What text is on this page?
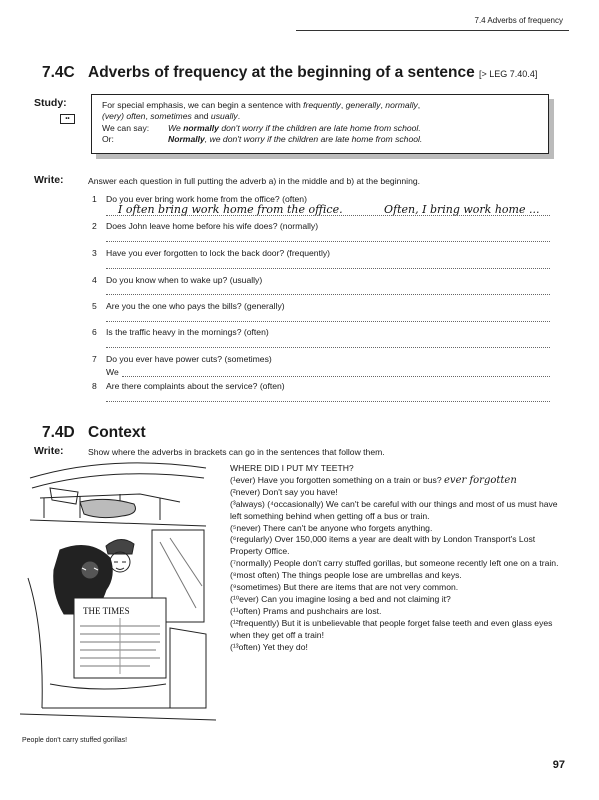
7.4 Adverbs of frequency
7.4C Adverbs of frequency at the beginning of a sentence [> LEG 7.40.4]
Study:
••
For special emphasis, we can begin a sentence with frequently, generally, normally,
(very) often, sometimes and usually.
We can say: We normally don't worry if the children are late home from school.
Or:	Normally, we don't worry if the children are late home from school.
Write:	Answer each question in full putting the adverb a) in the middle and b) at the beginning.
1 Do you ever bring work home from the office? (often)
I often bring work home from the office.	Often, I bring work home ...
2 Does John leave home before his wife does? (normally)
3 Have you ever forgotten to lock the back door? (frequently)
4 Do you know when to wake up? (usually)
5 Are you the one who pays the bills? (generally)
6 Is the traffic heavy in the mornings? (often)
7 Do you ever have power cuts? (sometimes)
We
8 Are there complaints about the service? (often)
7.4D Context
Write:	Show where the adverbs in brackets can go in the sentences that follow them.
THE TIMES
People don't carry stuffed gorillas!
WHERE DID I PUT MY TEETH?
(¹ever) Have you forgotten something on a train or bus? ever forgotten
(²never) Don't say you have!
(³always) (⁴occasionally) We can't be careful with our things and most of us must have left something behind when getting off a bus or train.
(⁵never) There can't be anyone who forgets anything.
(⁶regularly) Over 150,000 items a year are dealt with by London Transport's Lost Property Office.
(⁷normally) People don't carry stuffed gorillas, but someone recently left one on a train.
(⁸most often) The things people lose are umbrellas and keys.
(⁹sometimes) But there are items that are not very common.
(¹⁰ever) Can you imagine losing a bed and not claiming it?
(¹¹often) Prams and pushchairs are lost.
(¹²frequently) But it is unbelievable that people forget false teeth and even glass eyes when they get off a train!
(¹³often) Yet they do!
97
